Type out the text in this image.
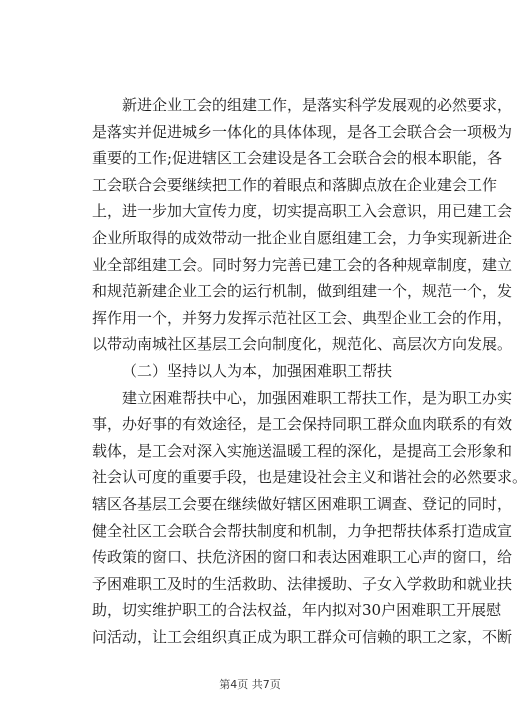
新进企业工会的组建工作，是落实科学发展观的必然要求，
是落实并促进城乡一体化的具体体现，是各工会联合会一项极为
重要的工作;促进辖区工会建设是各工会联合会的根本职能，各
工会联合会要继续把工作的着眼点和落脚点放在企业建会工作
上，进一步加大宣传力度，切实提高职工入会意识，用已建工会
企业所取得的成效带动一批企业自愿组建工会，力争实现新进企
业全部组建工会。同时努力完善已建工会的各种规章制度，建立
和规范新建企业工会的运行机制，做到组建一个，规范一个，发
挥作用一个，并努力发挥示范社区工会、典型企业工会的作用，
以带动南城社区基层工会向制度化，规范化、高层次方向发展。
（二）坚持以人为本，加强困难职工帮扶
建立困难帮扶中心，加强困难职工帮扶工作，是为职工办实
事，办好事的有效途径，是工会保持同职工群众血肉联系的有效
载体，是工会对深入实施送温暖工程的深化，是提高工会形象和
社会认可度的重要手段，也是建设社会主义和谐社会的必然要求。
辖区各基层工会要在继续做好辖区困难职工调查、登记的同时，
健全社区工会联合会帮扶制度和机制，力争把帮扶体系打造成宣
传政策的窗口、扶危济困的窗口和表达困难职工心声的窗口，给
予困难职工及时的生活救助、法律援助、子女入学救助和就业扶
助，切实维护职工的合法权益，年内拟对30户困难职工开展慰
问活动，让工会组织真正成为职工群众可信赖的职工之家，不断
第4页 共7页
